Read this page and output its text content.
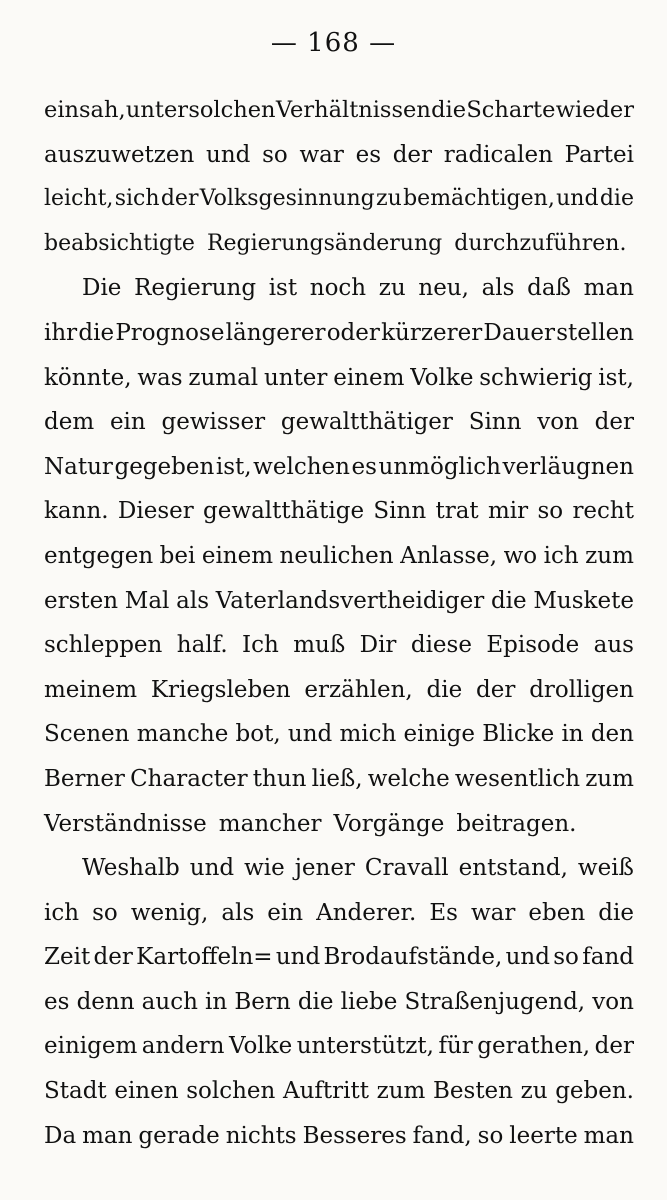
— 168 —
einsah, unter solchen Verhältnissen die Scharte wieder
auszuwetzen und so war es der radicalen Partei
leicht, sich der Volksgesinnung zu bemächtigen, und die
beabsichtigte Regierungsänderung durchzuführen.
Die Regierung ist noch zu neu, als daß man
ihr die Prognose längerer oder kürzerer Dauer stellen
könnte, was zumal unter einem Volke schwierig ist,
dem ein gewisser gewaltthätiger Sinn von der
Natur gegeben ist, welchen es unmöglich verläugnen
kann. Dieser gewaltthätige Sinn trat mir so recht
entgegen bei einem neulichen Anlasse, wo ich zum
ersten Mal als Vaterlandsvertheidiger die Muskete
schleppen half. Ich muß Dir diese Episode aus
meinem Kriegsleben erzählen, die der drolligen
Scenen manche bot, und mich einige Blicke in den
Berner Character thun ließ, welche wesentlich zum
Verständnisse mancher Vorgänge beitragen.
Weshalb und wie jener Cravall entstand, weiß
ich so wenig, als ein Anderer. Es war eben die
Zeit der Kartoffeln= und Brodaufstände, und so fand
es denn auch in Bern die liebe Straßenjugend, von
einigem andern Volke unterstützt, für gerathen, der
Stadt einen solchen Auftritt zum Besten zu geben.
Da man gerade nichts Besseres fand, so leerte man
